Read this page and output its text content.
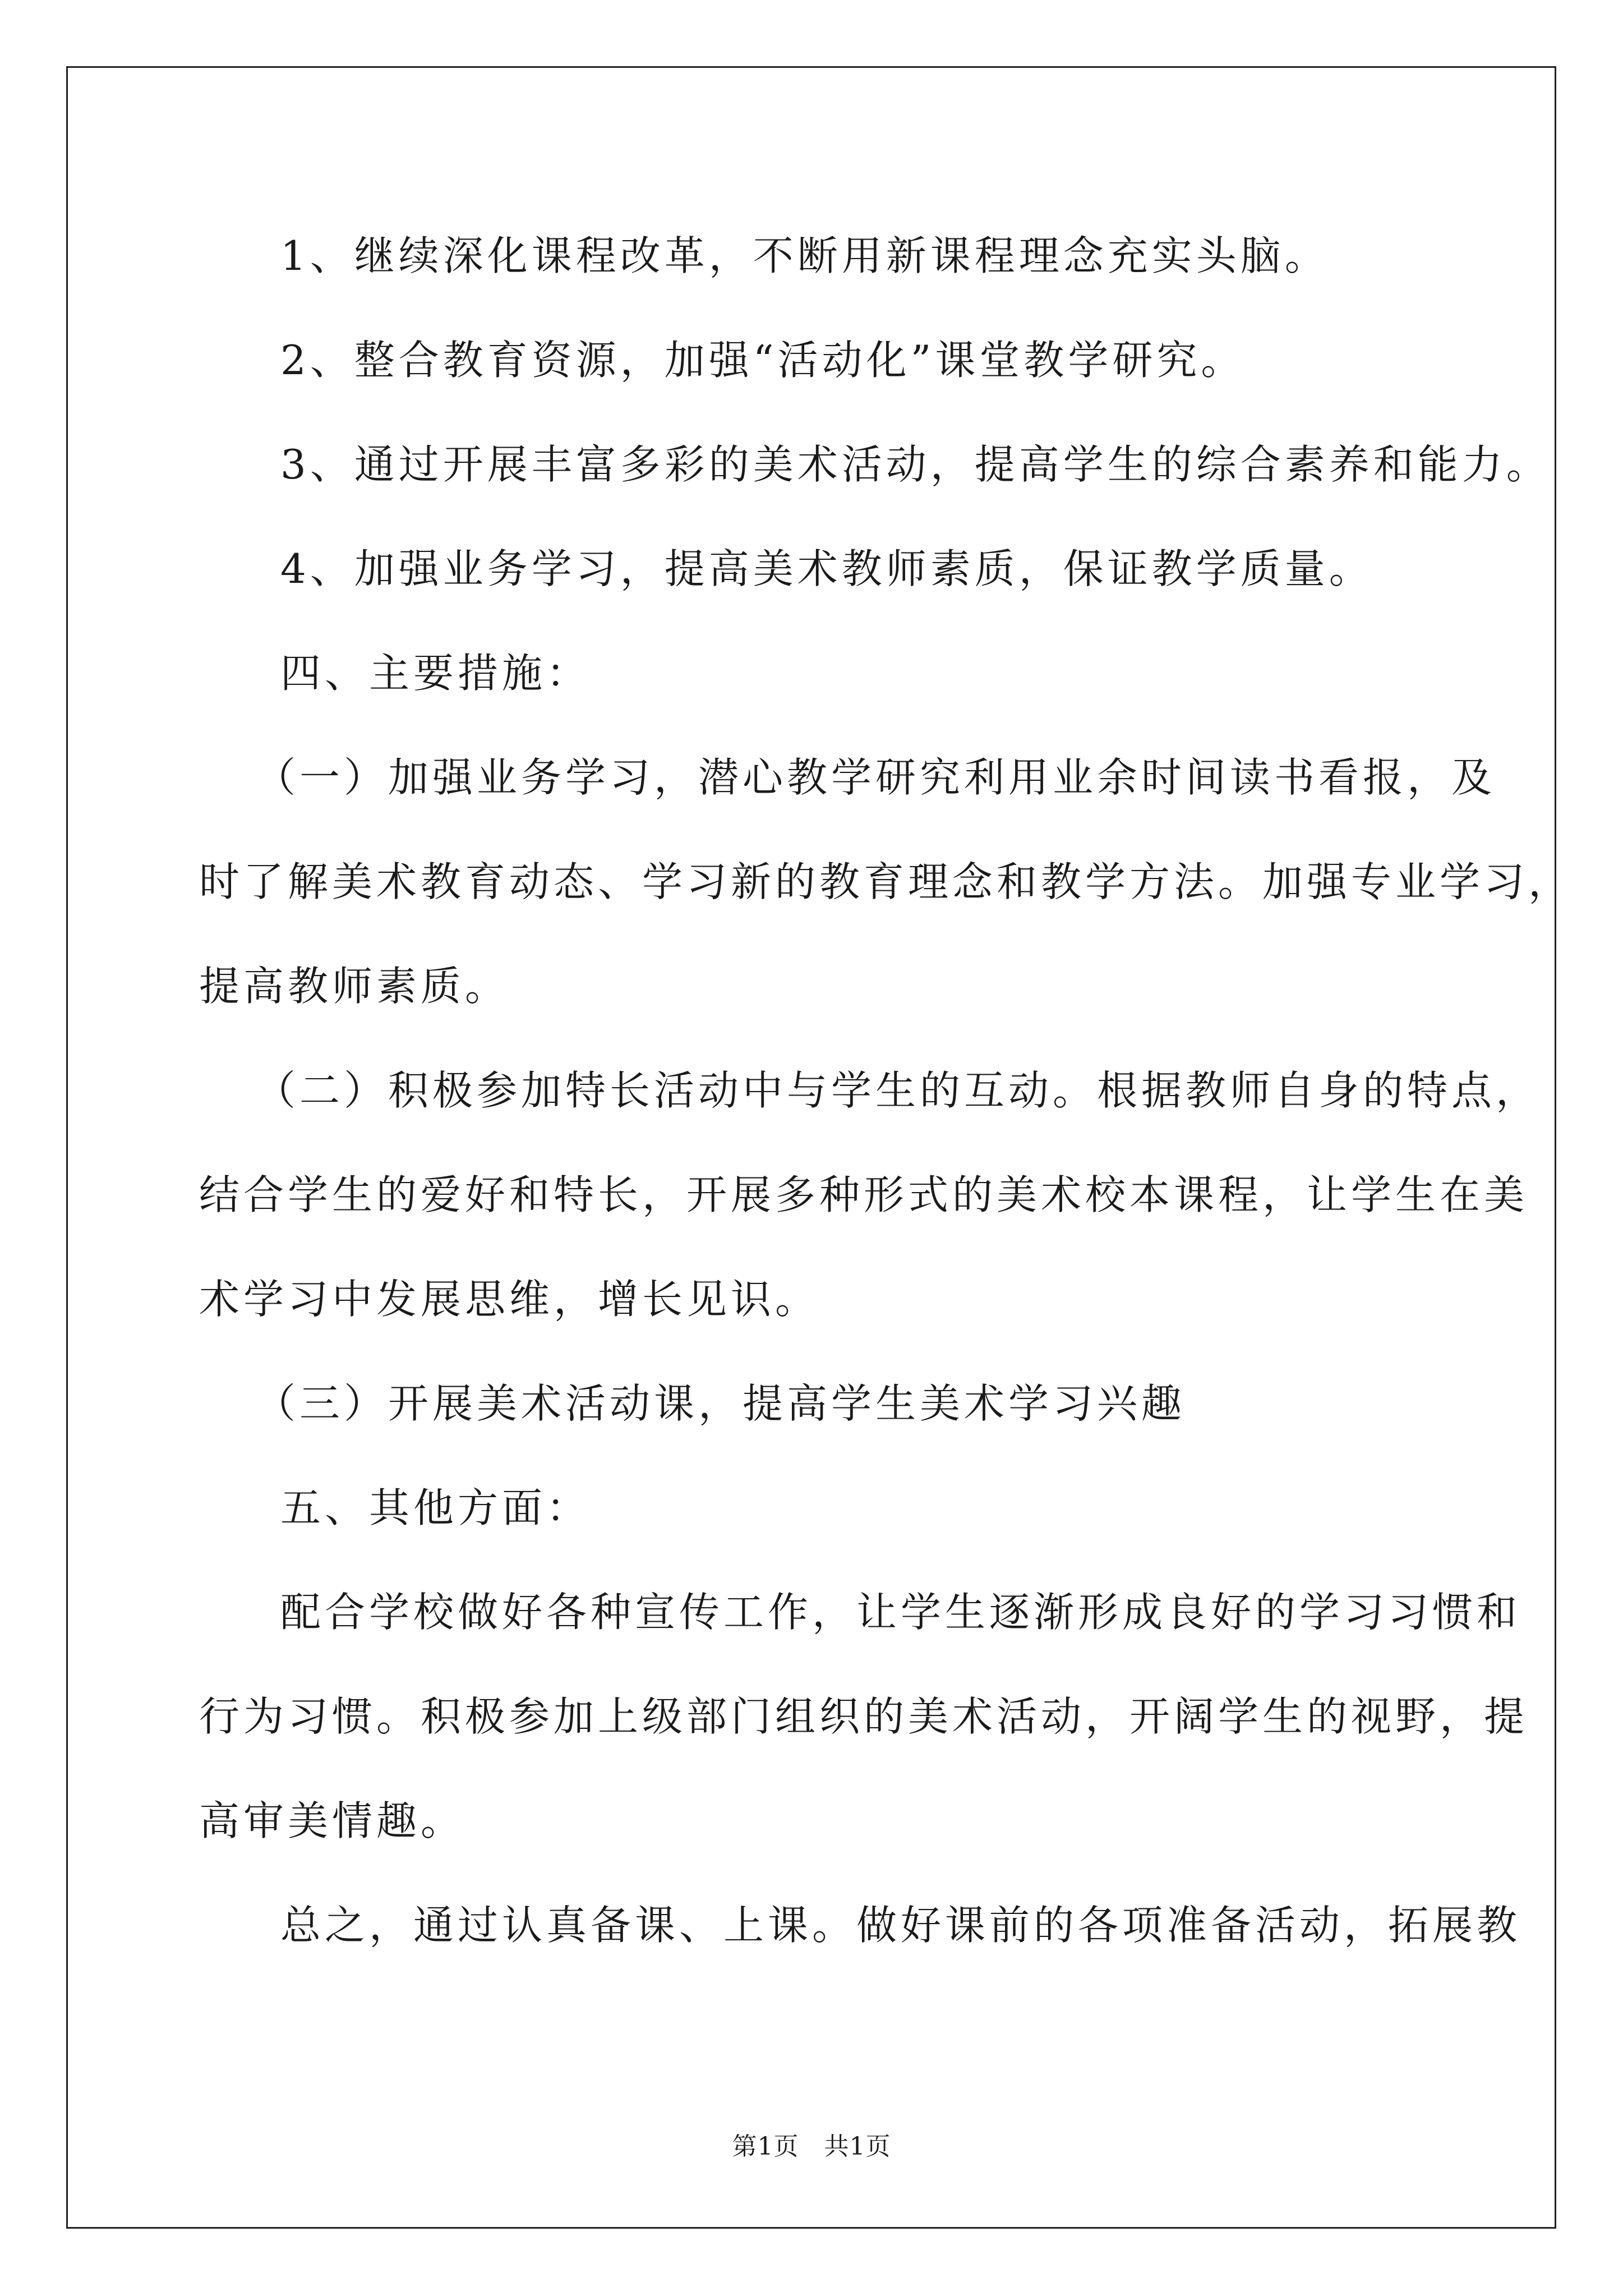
1、继续深化课程改革，不断用新课程理念充实头脑。
2、整合教育资源，加强“活动化”课堂教学研究。
3、通过开展丰富多彩的美术活动，提高学生的综合素养和能力。
4、加强业务学习，提高美术教师素质，保证教学质量。
四、主要措施：
（一）加强业务学习，潜心教学研究利用业余时间读书看报，及
时了解美术教育动态、学习新的教育理念和教学方法。加强专业学习，
提高教师素质。
（二）积极参加特长活动中与学生的互动。根据教师自身的特点，
结合学生的爱好和特长，开展多种形式的美术校本课程，让学生在美
术学习中发展思维，增长见识。
（三）开展美术活动课，提高学生美术学习兴趣
五、其他方面：
配合学校做好各种宣传工作，让学生逐渐形成良好的学习习惯和
行为习惯。积极参加上级部门组织的美术活动，开阔学生的视野，提
高审美情趣。
总之，通过认真备课、上课。做好课前的各项准备活动，拓展教
第1页   共1页
